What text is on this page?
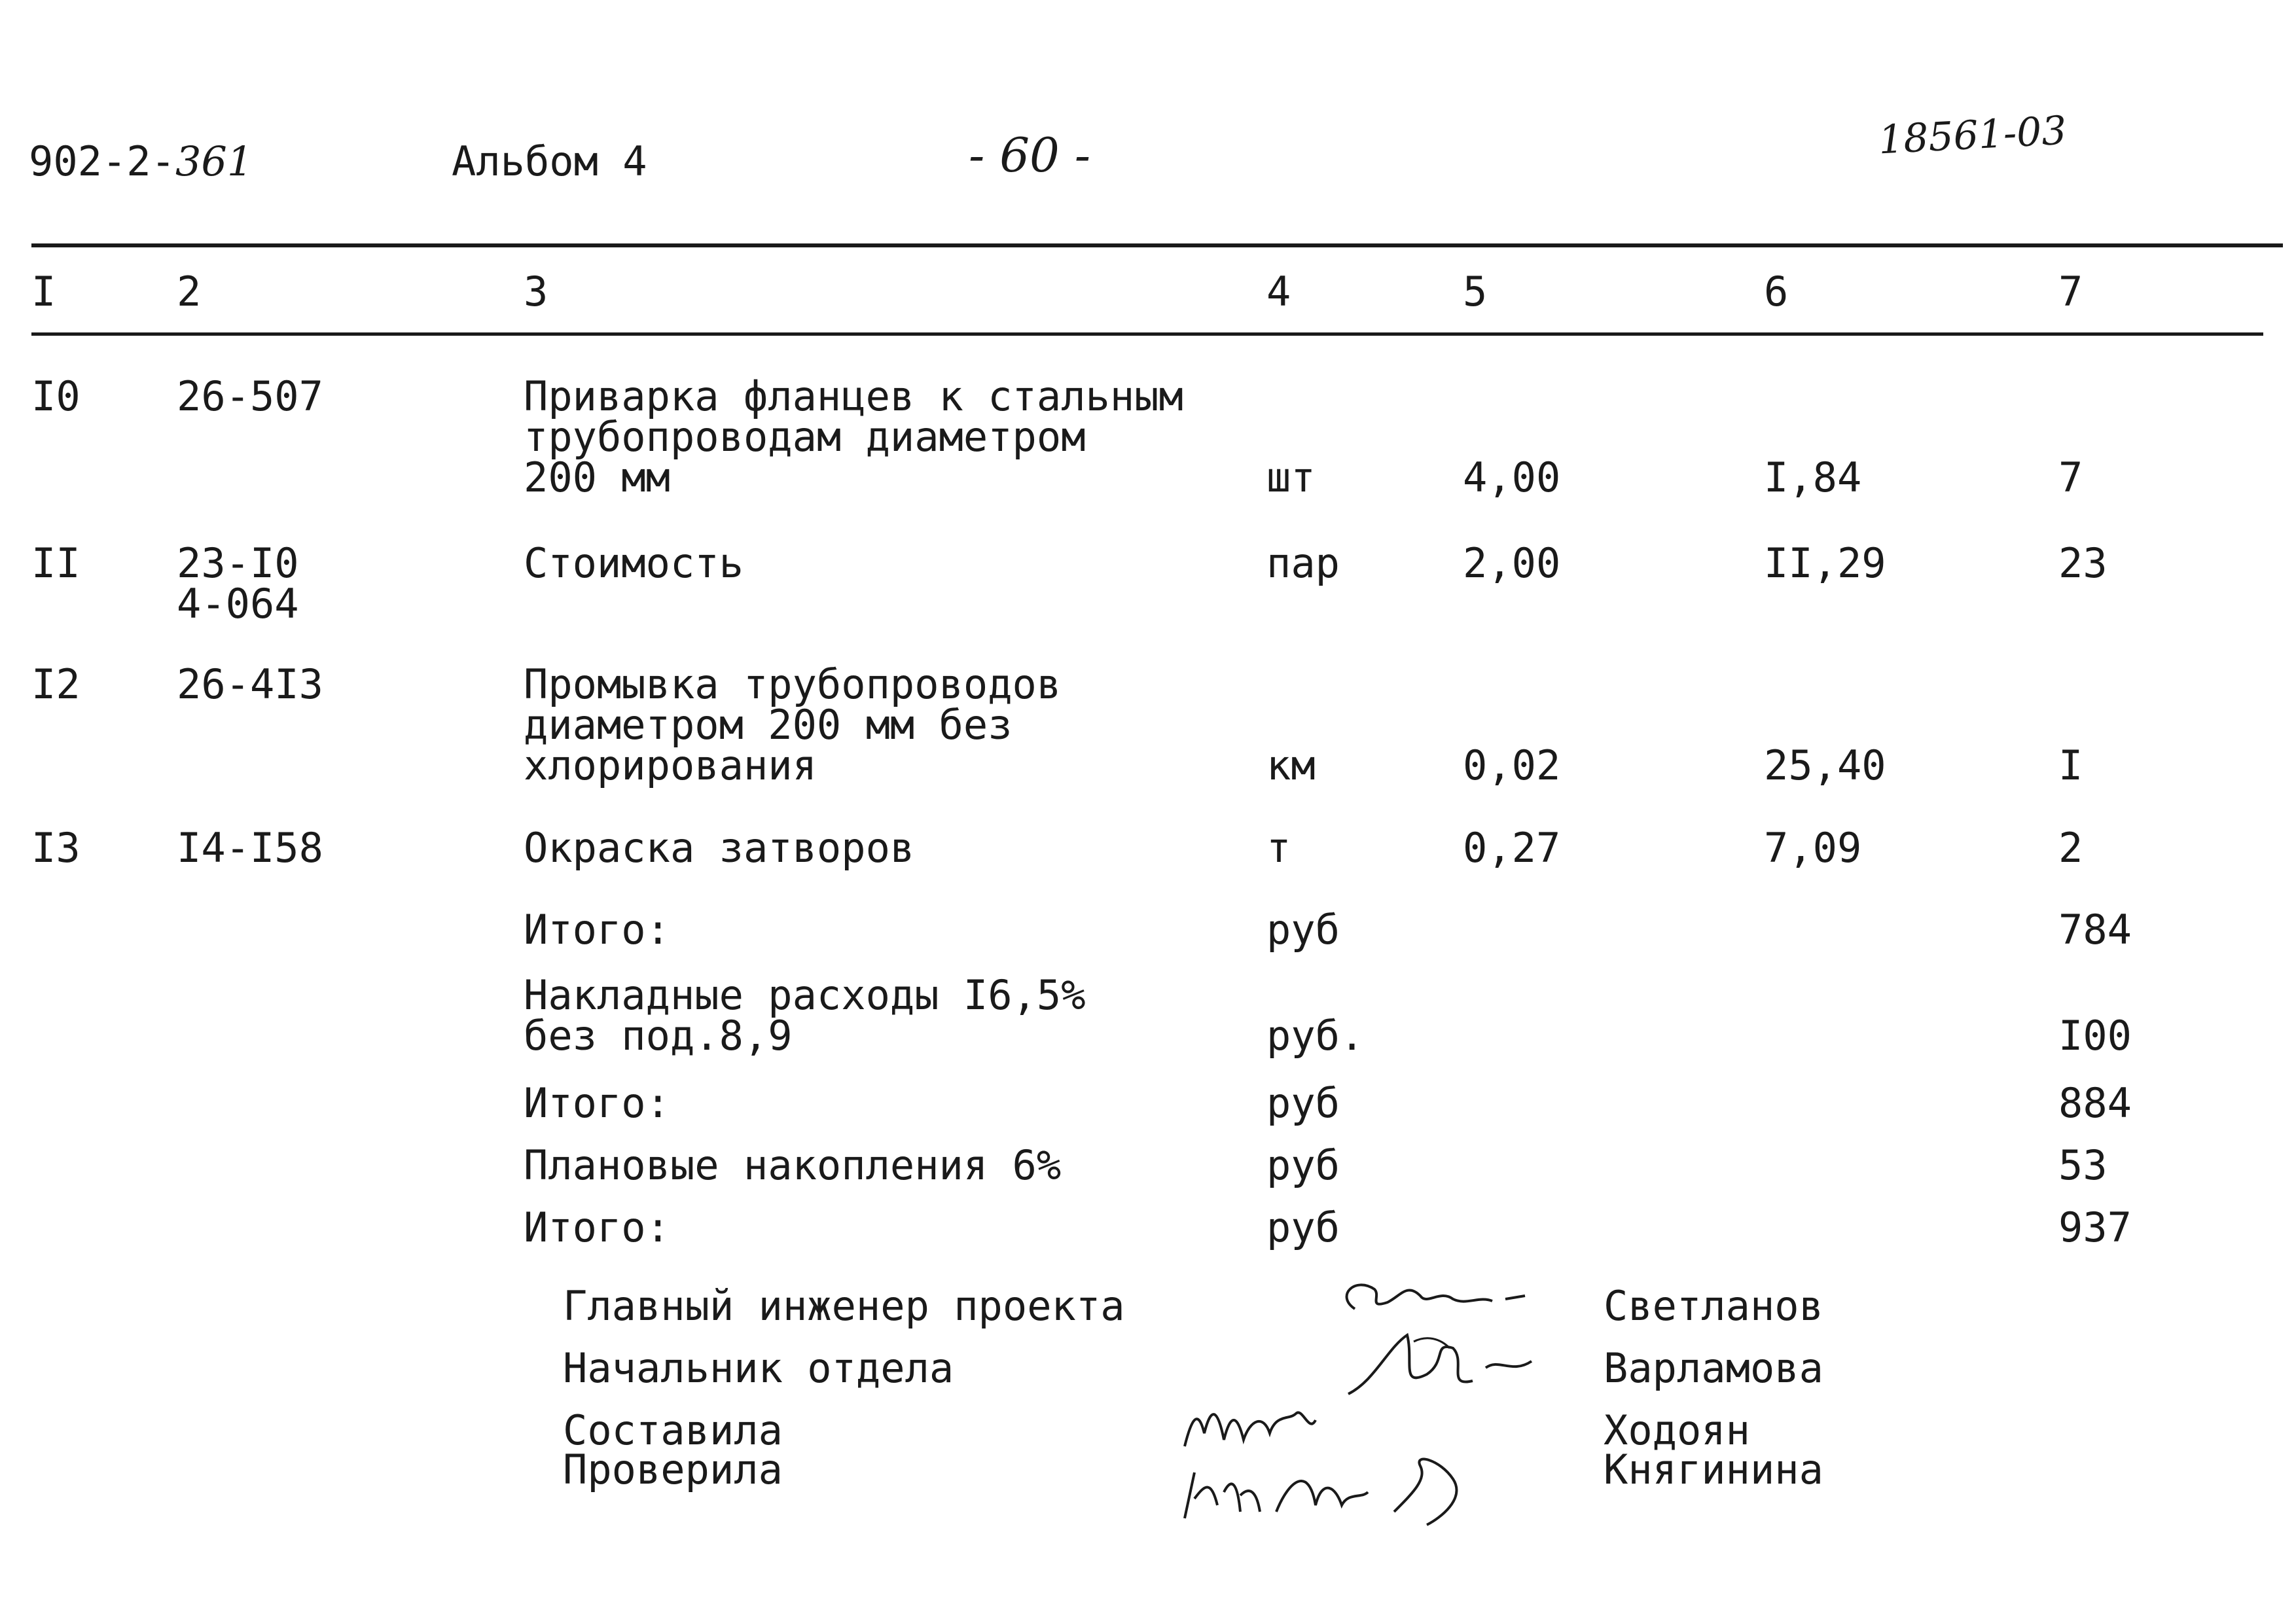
902-2-361	Альбом 4	- 60 -	18561-03
I	2	3	4	5	6	7
I0 26-507	Приварка фланцев к стальным
трубопроводам диаметром
200 мм	шт	4,00	I,84	7
II 23-I0
4-064
Стоимость	пар	2,00	II,29	23
I2 26-4I3	Промывка трубопроводов
диаметром 200 мм без
хлорирования	км	0,02	25,40	I
I3 I4-I58	Окраска затворов	т	0,27	7,09	2
Итого:	руб	784
Накладные расходы I6,5%
без под.8,9	руб.	I00
Итого:	руб	884
Плановые накопления 6%	руб	53
Итого:	руб	937
Главный инженер проекта	Светланов
Начальник отдела	Варламова
Составила	Ходоян
Проверила	Княгинина
